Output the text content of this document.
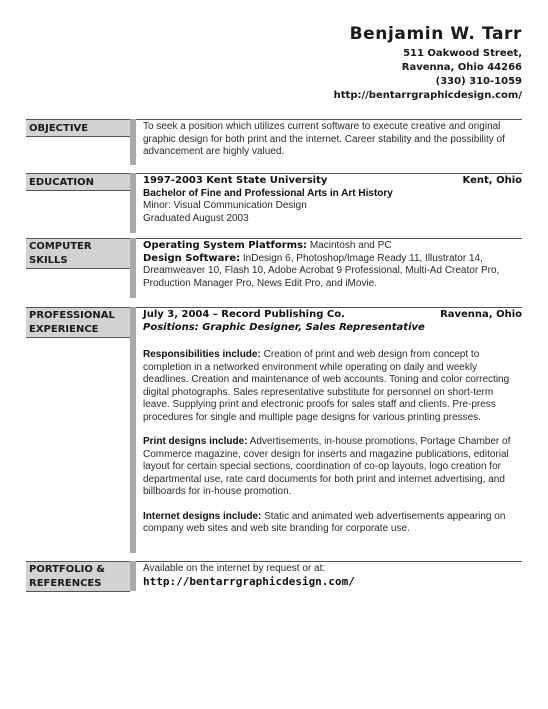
Benjamin W. Tarr
511 Oakwood Street,
Ravenna, Ohio 44266
(330) 310-1059
http://bentarrgraphicdesign.com/
OBJECTIVE	To seek a position which utilizes current software to execute creative and original graphic design for both print and the internet. Career stability and the possibility of advancement are highly valued.
EDUCATION	1997-2003 Kent State University	Kent, Ohio
Bachelor of Fine and Professional Arts in Art History
Minor: Visual Communication Design
Graduated August 2003
COMPUTER
SKILLS
Operating System Platforms: Macintosh and PC
Design Software: InDesign 6, Photoshop/Image Ready 11, Illustrator 14, Dreamweaver 10, Flash 10, Adobe Acrobat 9 Professional, Multi-Ad Creator Pro, Production Manager Pro, News Edit Pro, and iMovie.
PROFESSIONAL
EXPERIENCE
July 3, 2004 – Record Publishing Co.	Ravenna, Ohio
Positions: Graphic Designer, Sales Representative
Responsibilities include: Creation of print and web design from concept to completion in a networked environment while operating on daily and weekly deadlines. Creation and maintenance of web accounts. Toning and color correcting digital photographs. Sales representative substitute for personnel on short-term leave. Supplying print and electronic proofs for sales staff and clients. Pre-press procedures for single and multiple page designs for various printing presses.
Print designs include: Advertisements, in-house promotions, Portage Chamber of Commerce magazine, cover design for inserts and magazine publications, editorial layout for certain special sections, coordination of co-op layouts, logo creation for departmental use, rate card documents for both print and internet advertising, and billboards for in-house promotion.
Internet designs include: Static and animated web advertisements appearing on company web sites and web site branding for corporate use.
PORTFOLIO &
REFERENCES
Available on the internet by request or at:
http://bentarrgraphicdesign.com/
